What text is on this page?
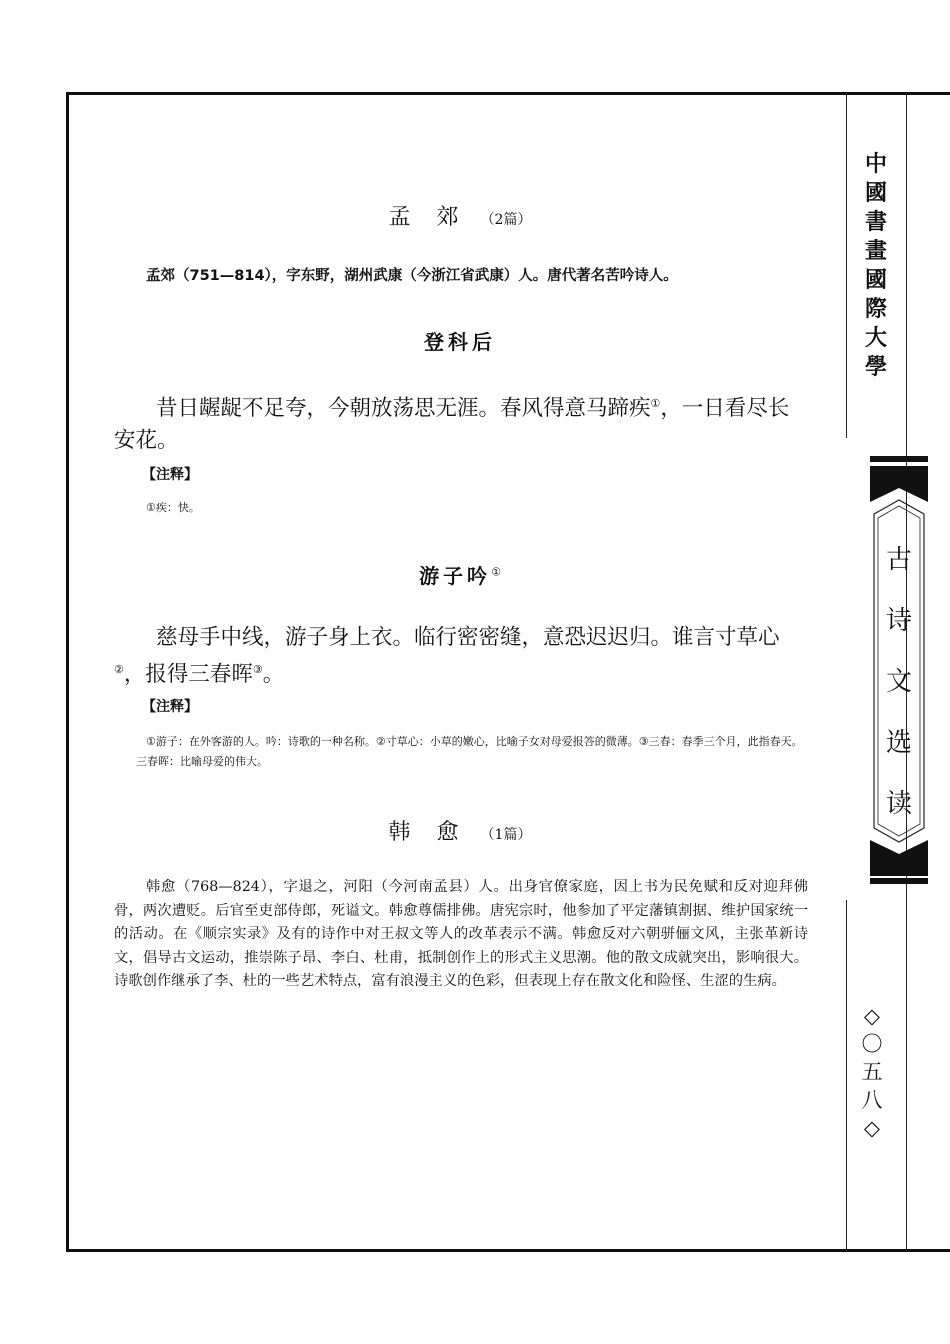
中
國
書
畫
國
際
大
學
古
诗
文
选
读
◇
〇
五
八
◇
孟　郊 （2篇）
孟郊（751—814），字东野，湖州武康（今浙江省武康）人。唐代著名苦吟诗人。
登科后
昔日龌龊不足夸，今朝放荡思无涯。春风得意马蹄疾①，一日看尽长安花。
【注释】
①疾：快。
游子吟①
慈母手中线，游子身上衣。临行密密缝，意恐迟迟归。谁言寸草心②，报得三春晖③。
【注释】
①游子：在外客游的人。吟：诗歌的一种名称。②寸草心：小草的嫩心，比喻子女对母爱报答的微薄。③三春：春季三个月，此指春天。三春晖：比喻母爱的伟大。
韩　愈 （1篇）
韩愈（768—824），字退之，河阳（今河南孟县）人。出身官僚家庭，因上书为民免赋和反对迎拜佛骨，两次遭贬。后官至吏部侍郎，死谥文。韩愈尊儒排佛。唐宪宗时，他参加了平定藩镇割据、维护国家统一的活动。在《顺宗实录》及有的诗作中对王叔文等人的改革表示不满。韩愈反对六朝骈俪文风，主张革新诗文，倡导古文运动，推崇陈子昂、李白、杜甫，抵制创作上的形式主义思潮。他的散文成就突出，影响很大。诗歌创作继承了李、杜的一些艺术特点，富有浪漫主义的色彩，但表现上存在散文化和险怪、生涩的生病。
